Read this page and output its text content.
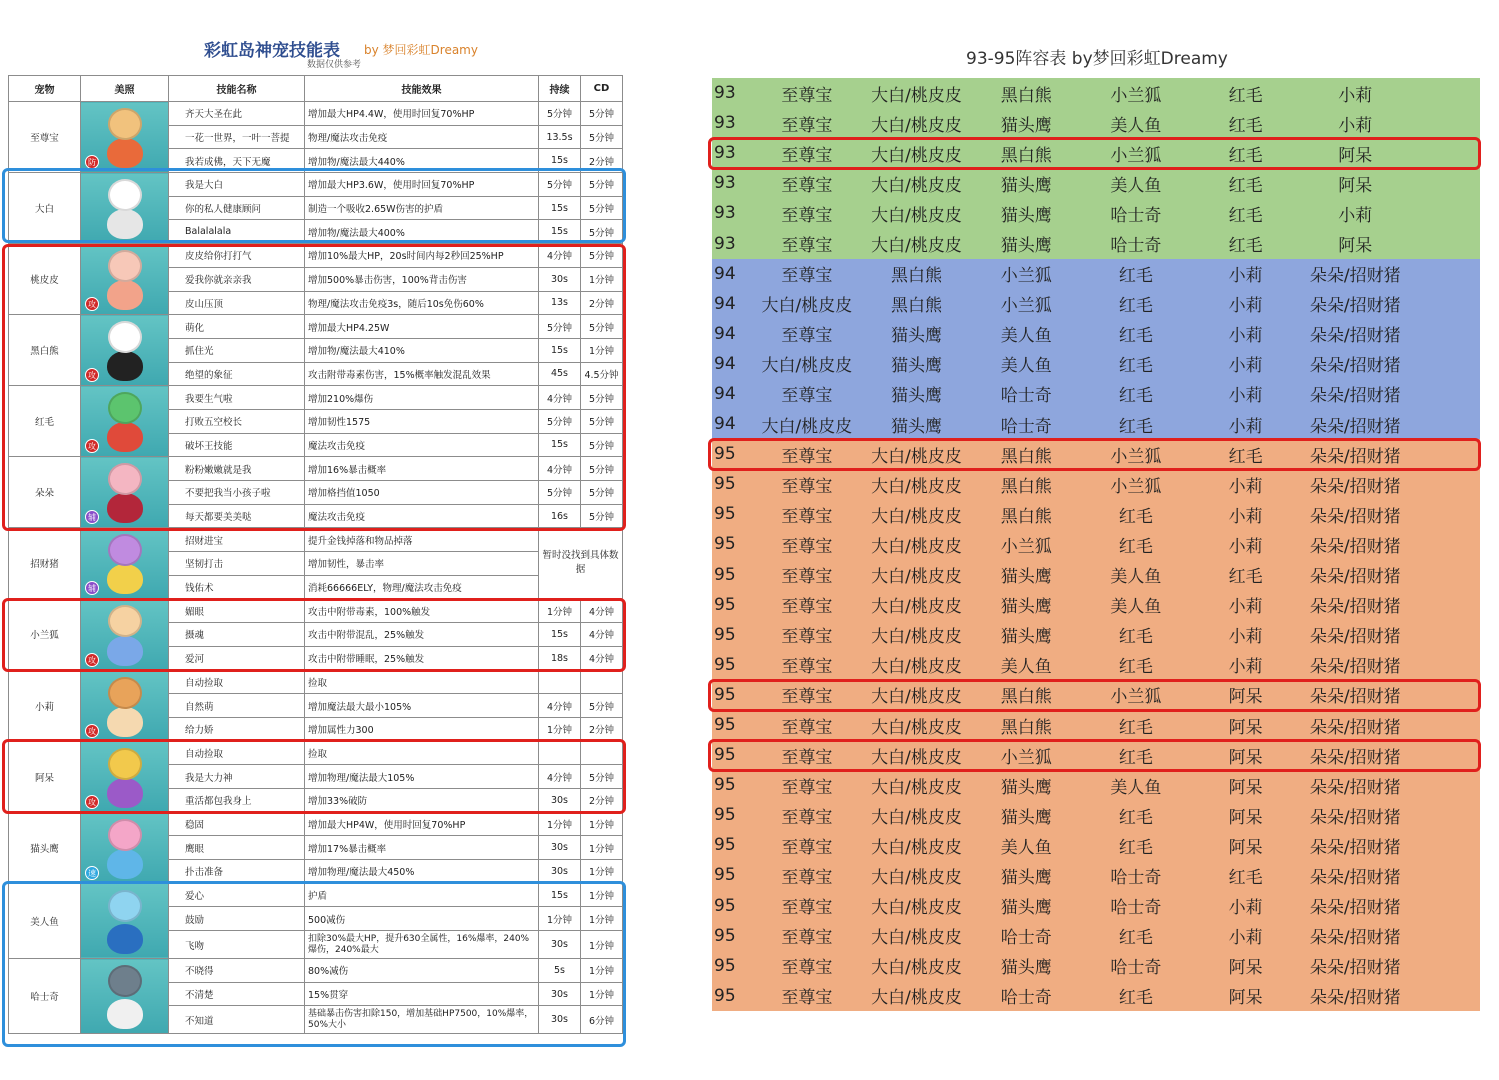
彩虹岛神宠技能表 by 梦回彩虹Dreamy
数据仅供参考
宠物	美照	技能名称	技能效果	持续	CD
至尊宝	防	齐天大圣在此	增加最大HP4.4W，使用时回复70%HP	5分钟	5分钟
		一花一世界，一叶一菩提	物理/魔法攻击免疫	13.5s	5分钟
		我若成佛，天下无魔	增加物/魔法最大440%	15s	2分钟
大白		我是大白	增加最大HP3.6W，使用时回复70%HP	5分钟	5分钟
		你的私人健康顾问	制造一个吸收2.65W伤害的护盾	15s	5分钟
		Balalalala	增加物/魔法最大400%	15s	5分钟
桃皮皮	攻	皮皮给你打打气	增加10%最大HP，20s时间内每2秒回25%HP	4分钟	5分钟
		爱我你就亲亲我	增加500%暴击伤害，100%背击伤害	30s	1分钟
		皮山压顶	物理/魔法攻击免疫3s，随后10s免伤60%	13s	2分钟
黑白熊	攻	萌化	增加最大HP4.25W	5分钟	5分钟
		抓住光	增加物/魔法最大410%	15s	1分钟
		绝望的象征	攻击附带毒素伤害，15%概率触发混乱效果	45s	4.5分钟
红毛	攻	我要生气啦	增加210%爆伤	4分钟	5分钟
		打败五空校长	增加韧性1575	5分钟	5分钟
		破坏王技能	魔法攻击免疫	15s	5分钟
朵朵	辅	粉粉嫩嫩就是我	增加16%暴击概率	4分钟	5分钟
		不要把我当小孩子啦	增加格挡值1050	5分钟	5分钟
		每天都要美美哒	魔法攻击免疫	16s	5分钟
招财猪	辅	招财进宝	提升金钱掉落和物品掉落	暂时没找到具体数据	
		坚韧打击	增加韧性，暴击率		
		钱佑术	消耗66666ELY，物理/魔法攻击免疫		
小兰狐	攻	媚眼	攻击中附带毒素，100%触发	1分钟	4分钟
		摄魂	攻击中附带混乱，25%触发	15s	4分钟
		爱河	攻击中附带睡眠，25%触发	18s	4分钟
小莉	攻	自动捡取	捡取		
		自然萌	增加魔法最大最小105%	4分钟	5分钟
		给力娇	增加属性力300	1分钟	2分钟
阿呆	攻	自动捡取	捡取		
		我是大力神	增加物理/魔法最大105%	4分钟	5分钟
		重活都包我身上	增加33%破防	30s	2分钟
猫头鹰	速	稳固	增加最大HP4W，使用时回复70%HP	1分钟	1分钟
		鹰眼	增加17%暴击概率	30s	1分钟
		扑击准备	增加物理/魔法最大450%	30s	1分钟
美人鱼		爱心	护盾	15s	1分钟
		鼓励	500减伤	1分钟	1分钟
		飞吻	扣除30%最大HP，提升630全属性，16%爆率，240%爆伤，240%最大	30s	1分钟
哈士奇		不晓得	80%减伤	5s	1分钟
		不清楚	15%贯穿	30s	1分钟
		不知道	基础暴击伤害扣除150，增加基础HP7500，10%爆率，50%大小	30s	6分钟
93-95阵容表 by梦回彩虹Dreamy
93	至尊宝	大白/桃皮皮	黑白熊	小兰狐	红毛	小莉
93	至尊宝	大白/桃皮皮	猫头鹰	美人鱼	红毛	小莉
93	至尊宝	大白/桃皮皮	黑白熊	小兰狐	红毛	阿呆
93	至尊宝	大白/桃皮皮	猫头鹰	美人鱼	红毛	阿呆
93	至尊宝	大白/桃皮皮	猫头鹰	哈士奇	红毛	小莉
93	至尊宝	大白/桃皮皮	猫头鹰	哈士奇	红毛	阿呆
94	至尊宝	黑白熊	小兰狐	红毛	小莉	朵朵/招财猪
94	大白/桃皮皮	黑白熊	小兰狐	红毛	小莉	朵朵/招财猪
94	至尊宝	猫头鹰	美人鱼	红毛	小莉	朵朵/招财猪
94	大白/桃皮皮	猫头鹰	美人鱼	红毛	小莉	朵朵/招财猪
94	至尊宝	猫头鹰	哈士奇	红毛	小莉	朵朵/招财猪
94	大白/桃皮皮	猫头鹰	哈士奇	红毛	小莉	朵朵/招财猪
95	至尊宝	大白/桃皮皮	黑白熊	小兰狐	红毛	朵朵/招财猪
95	至尊宝	大白/桃皮皮	黑白熊	小兰狐	小莉	朵朵/招财猪
95	至尊宝	大白/桃皮皮	黑白熊	红毛	小莉	朵朵/招财猪
95	至尊宝	大白/桃皮皮	小兰狐	红毛	小莉	朵朵/招财猪
95	至尊宝	大白/桃皮皮	猫头鹰	美人鱼	红毛	朵朵/招财猪
95	至尊宝	大白/桃皮皮	猫头鹰	美人鱼	小莉	朵朵/招财猪
95	至尊宝	大白/桃皮皮	猫头鹰	红毛	小莉	朵朵/招财猪
95	至尊宝	大白/桃皮皮	美人鱼	红毛	小莉	朵朵/招财猪
95	至尊宝	大白/桃皮皮	黑白熊	小兰狐	阿呆	朵朵/招财猪
95	至尊宝	大白/桃皮皮	黑白熊	红毛	阿呆	朵朵/招财猪
95	至尊宝	大白/桃皮皮	小兰狐	红毛	阿呆	朵朵/招财猪
95	至尊宝	大白/桃皮皮	猫头鹰	美人鱼	阿呆	朵朵/招财猪
95	至尊宝	大白/桃皮皮	猫头鹰	红毛	阿呆	朵朵/招财猪
95	至尊宝	大白/桃皮皮	美人鱼	红毛	阿呆	朵朵/招财猪
95	至尊宝	大白/桃皮皮	猫头鹰	哈士奇	红毛	朵朵/招财猪
95	至尊宝	大白/桃皮皮	猫头鹰	哈士奇	小莉	朵朵/招财猪
95	至尊宝	大白/桃皮皮	哈士奇	红毛	小莉	朵朵/招财猪
95	至尊宝	大白/桃皮皮	猫头鹰	哈士奇	阿呆	朵朵/招财猪
95	至尊宝	大白/桃皮皮	哈士奇	红毛	阿呆	朵朵/招财猪
